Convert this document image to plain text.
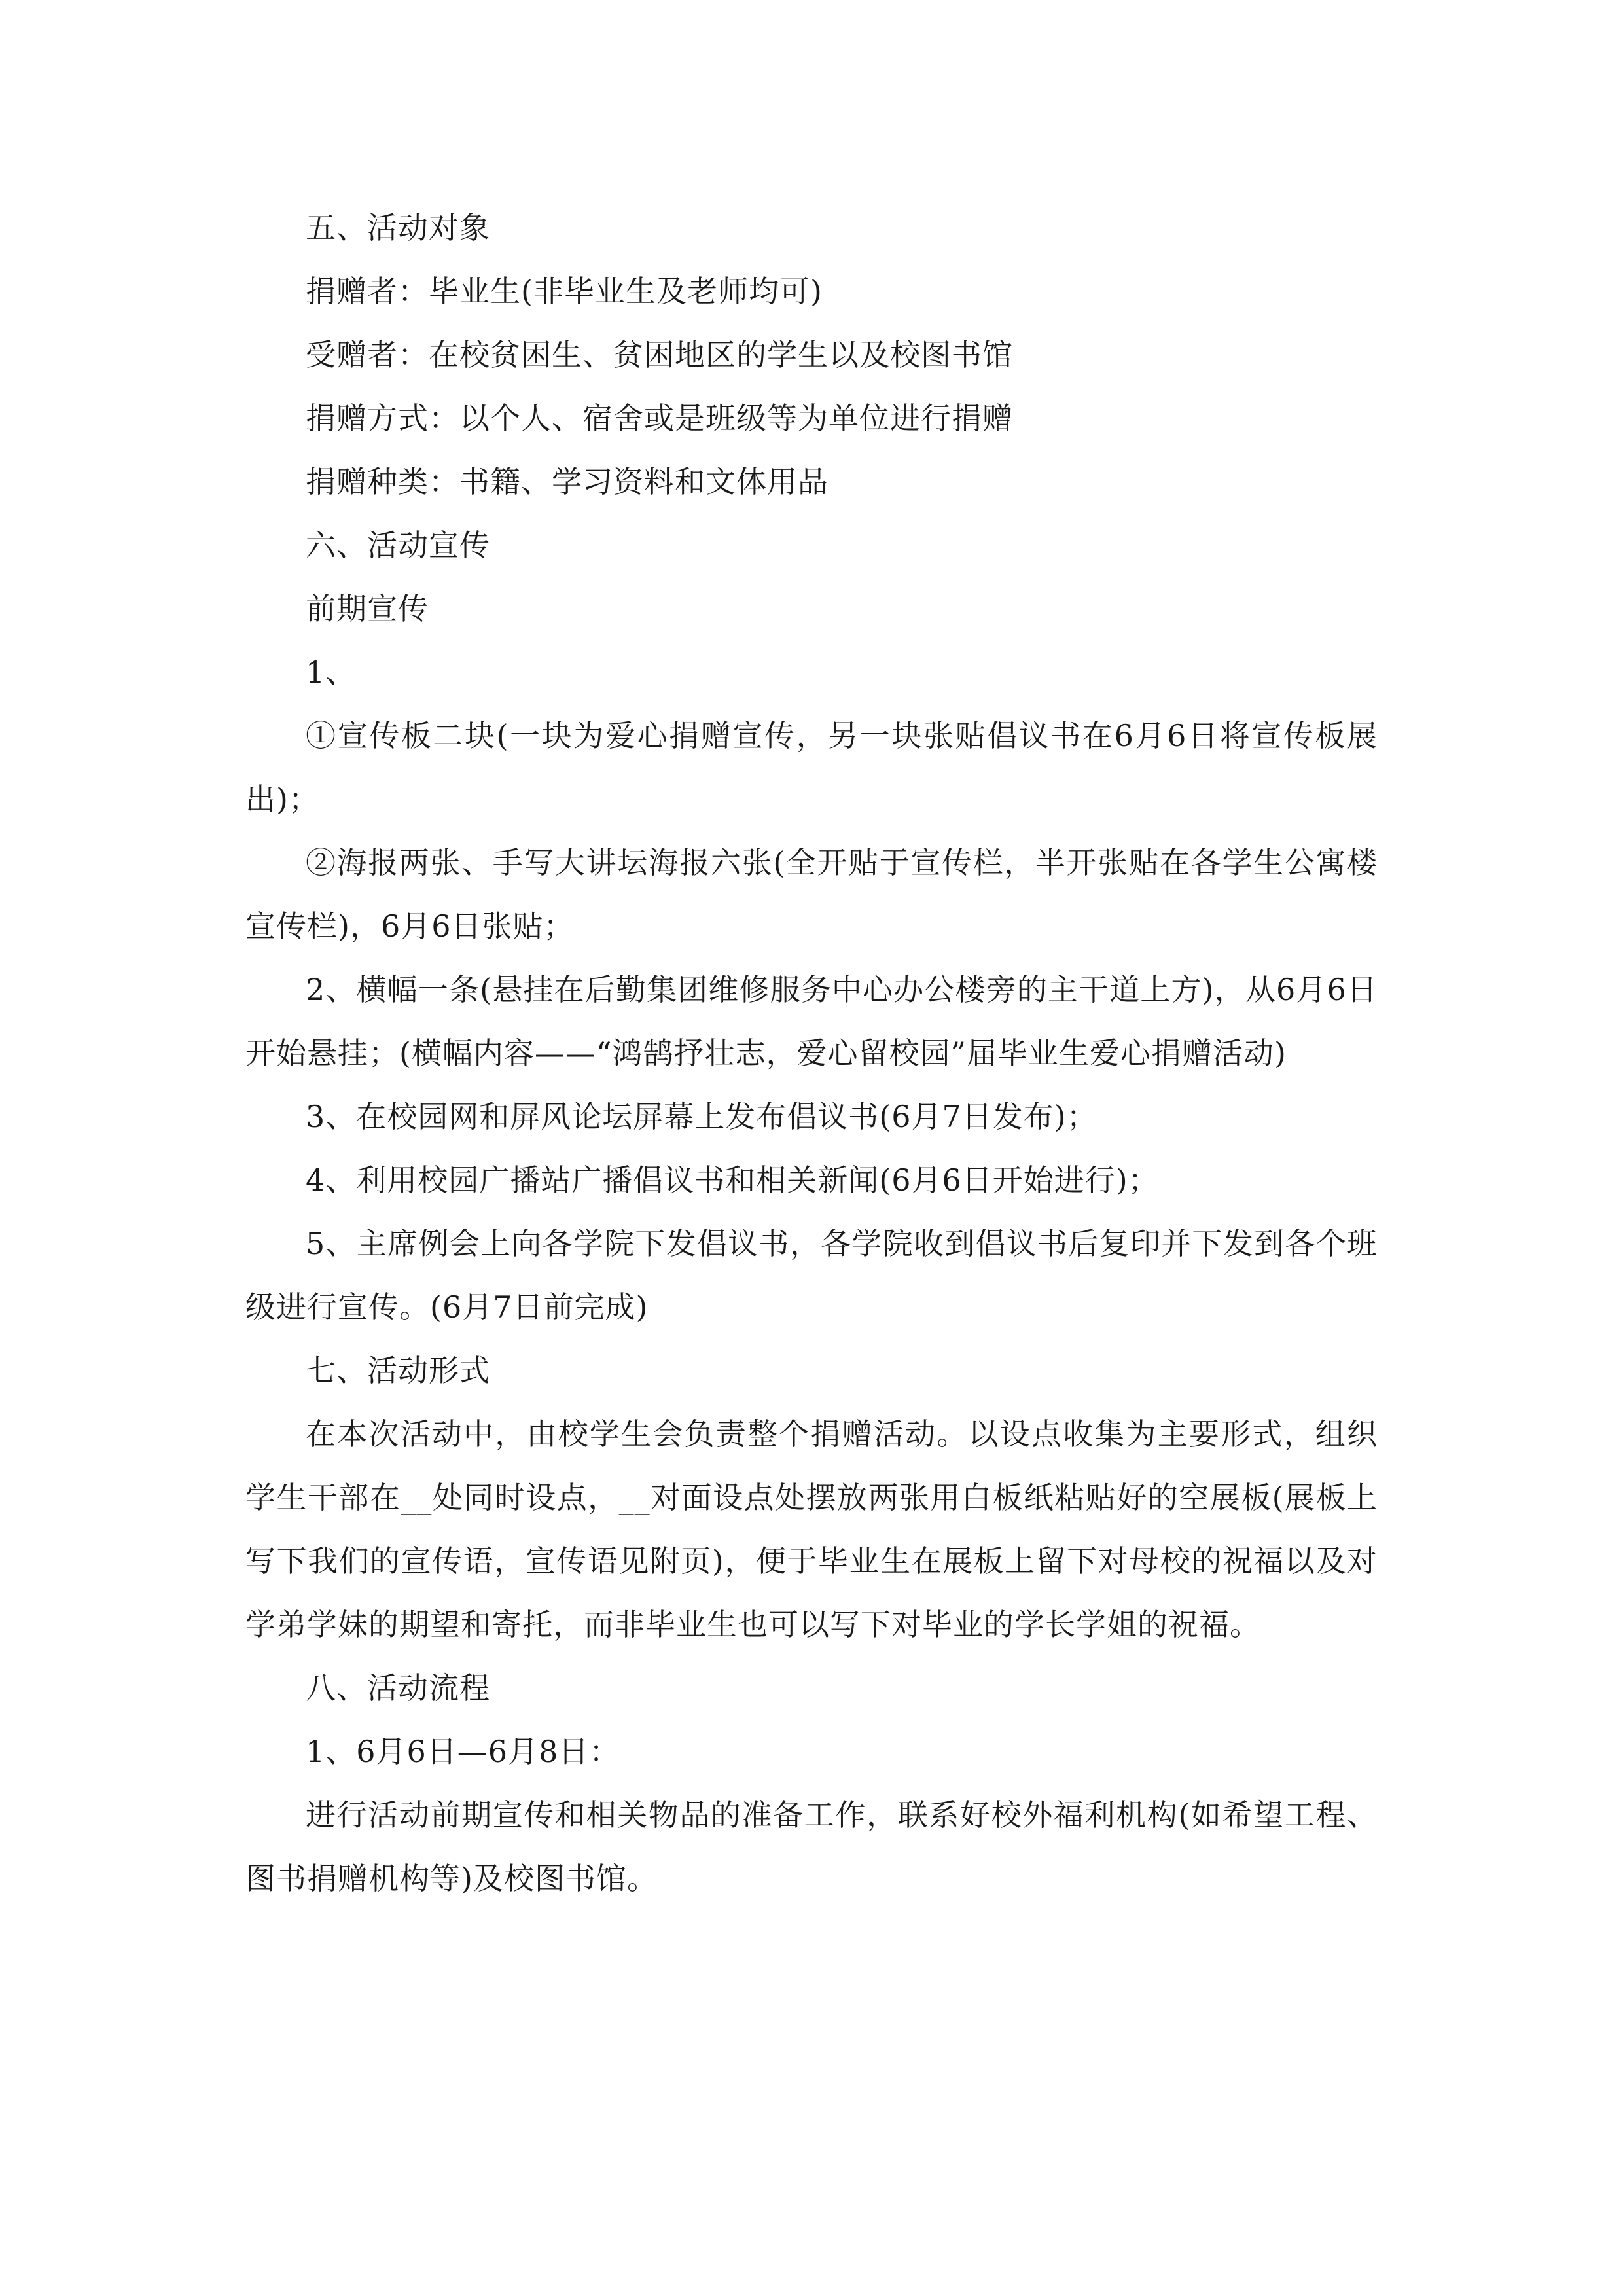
五、活动对象

捐赠者：毕业生(非毕业生及老师均可)

受赠者：在校贫困生、贫困地区的学生以及校图书馆

捐赠方式：以个人、宿舍或是班级等为单位进行捐赠

捐赠种类：书籍、学习资料和文体用品

六、活动宣传

前期宣传

1、

①宣传板二块(一块为爱心捐赠宣传，另一块张贴倡议书在6月6日将宣传板展出)；

②海报两张、手写大讲坛海报六张(全开贴于宣传栏，半开张贴在各学生公寓楼宣传栏)，6月6日张贴；

2、横幅一条(悬挂在后勤集团维修服务中心办公楼旁的主干道上方)，从6月6日开始悬挂；(横幅内容——“鸿鹄抒壮志，爱心留校园”届毕业生爱心捐赠活动)

3、在校园网和屏风论坛屏幕上发布倡议书(6月7日发布)；

4、利用校园广播站广播倡议书和相关新闻(6月6日开始进行)；

5、主席例会上向各学院下发倡议书，各学院收到倡议书后复印并下发到各个班级进行宣传。(6月7日前完成)

七、活动形式

在本次活动中，由校学生会负责整个捐赠活动。以设点收集为主要形式，组织学生干部在__处同时设点，__对面设点处摆放两张用白板纸粘贴好的空展板(展板上写下我们的宣传语，宣传语见附页)，便于毕业生在展板上留下对母校的祝福以及对学弟学妹的期望和寄托，而非毕业生也可以写下对毕业的学长学姐的祝福。

八、活动流程

1、6月6日—6月8日：

进行活动前期宣传和相关物品的准备工作，联系好校外福利机构(如希望工程、图书捐赠机构等)及校图书馆。
